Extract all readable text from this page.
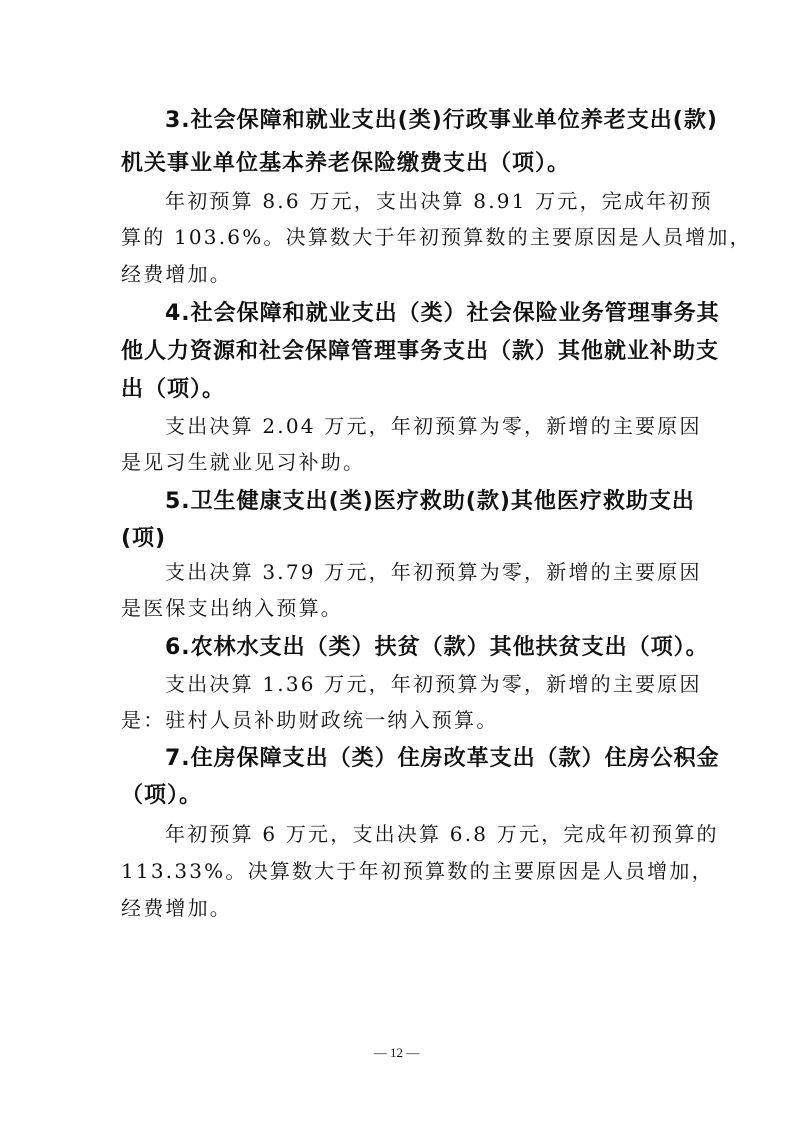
3.社会保障和就业支出(类)行政事业单位养老支出(款)
机关事业单位基本养老保险缴费支出（项）。
年初预算 8.6 万元，支出决算 8.91 万元，完成年初预
算的 103.6%。决算数大于年初预算数的主要原因是人员增加，
经费增加。
4.社会保障和就业支出（类）社会保险业务管理事务其
他人力资源和社会保障管理事务支出（款）其他就业补助支
出（项）。
支出决算 2.04 万元，年初预算为零，新增的主要原因
是见习生就业见习补助。
5.卫生健康支出(类)医疗救助(款)其他医疗救助支出
(项)
支出决算 3.79 万元，年初预算为零，新增的主要原因
是医保支出纳入预算。
6.农林水支出（类）扶贫（款）其他扶贫支出（项）。
支出决算 1.36 万元，年初预算为零，新增的主要原因
是：驻村人员补助财政统一纳入预算。
7.住房保障支出（类）住房改革支出（款）住房公积金
（项）。
年初预算 6 万元，支出决算 6.8 万元，完成年初预算的
113.33%。决算数大于年初预算数的主要原因是人员增加，
经费增加。
— 12 —
